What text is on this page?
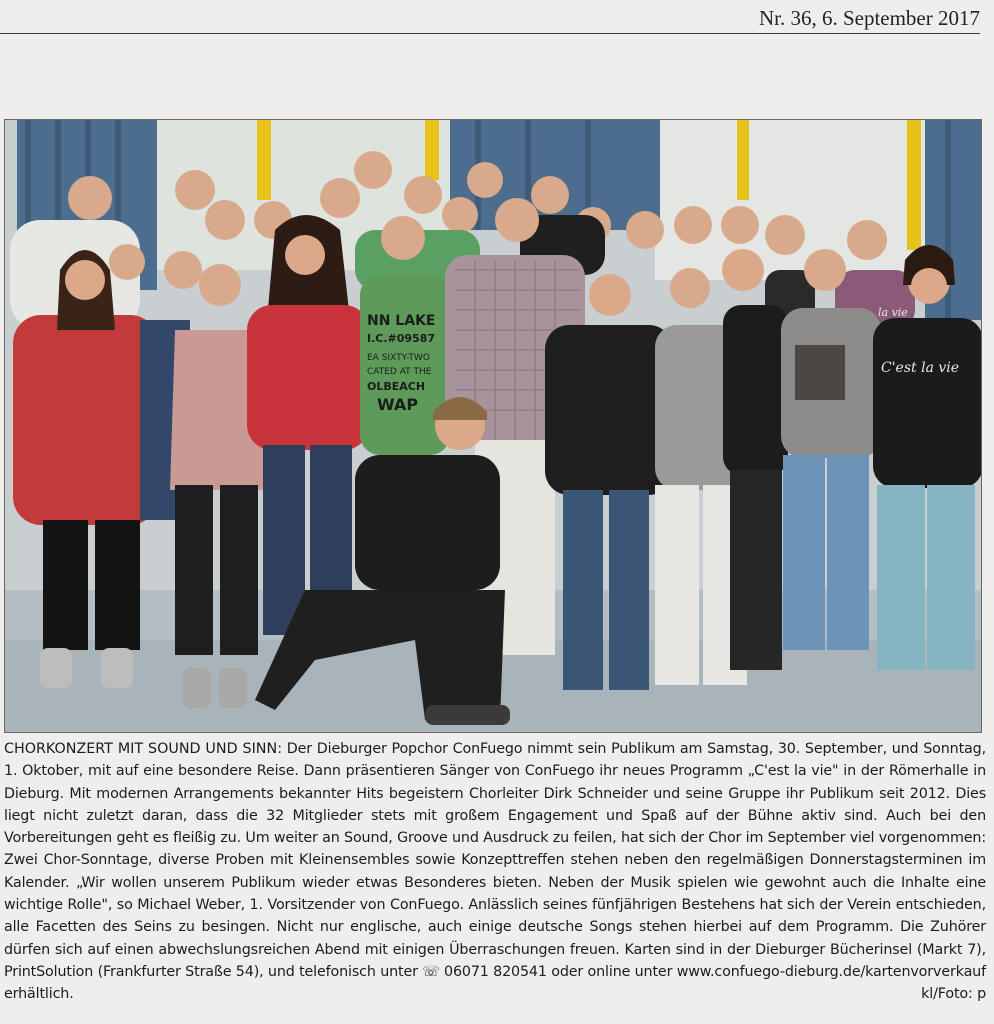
Nr. 36, 6. September 2017
NN LAKE
I.C.#09587
EA SIXTY-TWO
CATED AT THE
OLBEACH
WAP
C'est la vie
la vie
CHORKONZERT MIT SOUND UND SINN: Der Dieburger Popchor ConFuego nimmt sein Publikum am Samstag, 30. September, und Sonntag, 1. Oktober, mit auf eine besondere Reise. Dann präsentieren Sänger von ConFuego ihr neues Programm „C'est la vie" in der Römerhalle in Dieburg. Mit modernen Arrangements bekannter Hits begeistern Chorleiter Dirk Schneider und seine Gruppe ihr Publikum seit 2012. Dies liegt nicht zuletzt daran, dass die 32 Mitglieder stets mit großem Engagement und Spaß auf der Bühne aktiv sind. Auch bei den Vorbereitungen geht es fleißig zu. Um weiter an Sound, Groove und Ausdruck zu feilen, hat sich der Chor im September viel vorgenommen: Zwei Chor-Sonntage, diverse Proben mit Kleinensembles sowie Konzepttreffen stehen neben den regelmäßigen Donnerstagsterminen im Kalender. „Wir wollen unserem Publikum wieder etwas Besonderes bieten. Neben der Musik spielen wie gewohnt auch die Inhalte eine wichtige Rolle", so Michael Weber, 1. Vorsitzender von ConFuego. Anlässlich seines fünfjährigen Bestehens hat sich der Verein entschieden, alle Facetten des Seins zu besingen. Nicht nur englische, auch einige deutsche Songs stehen hierbei auf dem Programm. Die Zuhörer dürfen sich auf einen abwechslungsreichen Abend mit einigen Überraschungen freuen. Karten sind in der Dieburger Bücherinsel (Markt 7), PrintSolution (Frankfurter Straße 54), und telefonisch unter ☏ 06071 820541 oder online unter www.confuego-dieburg.de/kartenvorverkauf erhältlich.	kl/Foto: p
